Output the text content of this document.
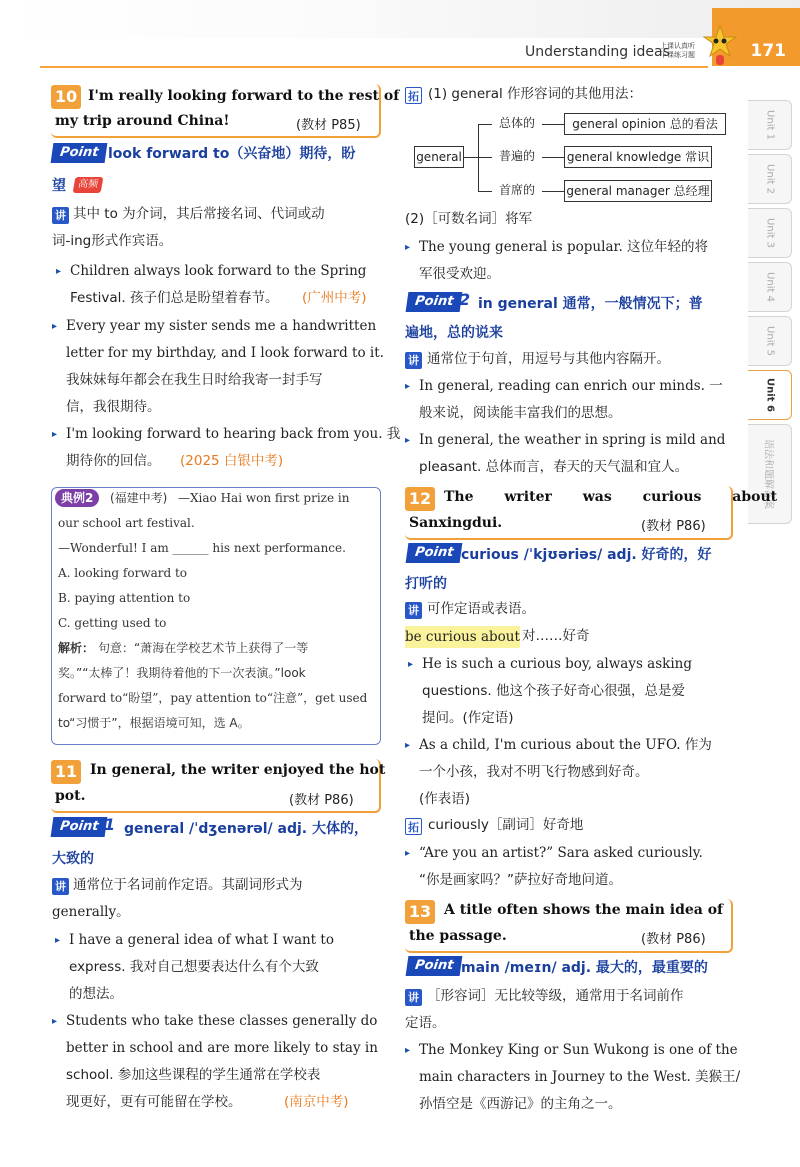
Understanding ideas
上课认真听 下课练习题	171
Unit 1
Unit 2
Unit 3
Unit 4
Unit 5
Unit 6
语法和题解答案
10 I'm really looking forward to the rest of
my trip around China!	(教材 P85)
Point look forward to（兴奋地）期待，盼
望	高频
讲 其中 to 为介词，其后常接名词、代词或动
词-ing形式作宾语。
▸ Children always look forward to the Spring
Festival. 孩子们总是盼望着春节。 (广州中考)
▸ Every year my sister sends me a handwritten
letter for my birthday, and I look forward to it.
我妹妹每年都会在我生日时给我寄一封手写
信，我很期待。
▸ I'm looking forward to hearing back from you. 我
期待你的回信。 (2025 白银中考)
典例2	(福建中考) —Xiao Hai won first prize in
our school art festival.
—Wonderful! I am ______ his next performance.
A. looking forward to
B. paying attention to
C. getting used to
解析： 句意：“萧海在学校艺术节上获得了一等
奖。”“太棒了！我期待着他的下一次表演。”look
forward to“盼望”，pay attention to“注意”，get used
to“习惯于”，根据语境可知，选 A。
11 In general, the writer enjoyed the hot
pot.	(教材 P86)
Point 1 general /ˈdʒenərəl/ adj. 大体的，
大致的
讲 通常位于名词前作定语。其副词形式为
generally。
▸ I have a general idea of what I want to
express. 我对自己想要表达什么有个大致
的想法。
▸ Students who take these classes generally do
better in school and are more likely to stay in
school. 参加这些课程的学生通常在学校表
现更好，更有可能留在学校。	(南京中考)
拓 (1) general 作形容词的其他用法：
general
总体的
普遍的
首席的
general opinion 总的看法
general knowledge 常识
general manager 总经理
(2)［可数名词］将军
▸ The young general is popular. 这位年轻的将
军很受欢迎。
Point 2 in general 通常，一般情况下；普
遍地，总的说来
讲 通常位于句首，用逗号与其他内容隔开。
▸ In general, reading can enrich our minds. 一
般来说，阅读能丰富我们的思想。
▸ In general, the weather in spring is mild and
pleasant. 总体而言，春天的天气温和宜人。
12 The writer was curious about
Sanxingdui.	(教材 P86)
Point curious /ˈkjʊəriəs/ adj. 好奇的，好
打听的
讲 可作定语或表语。
be curious about 对……好奇
▸ He is such a curious boy, always asking
questions. 他这个孩子好奇心很强，总是爱
提问。(作定语)
▸ As a child, I'm curious about the UFO. 作为
一个小孩，我对不明飞行物感到好奇。
(作表语)
拓 curiously［副词］好奇地
▸ “Are you an artist?” Sara asked curiously.
“你是画家吗？”萨拉好奇地问道。
13 A title often shows the main idea of
the passage.	(教材 P86)
Point main /meɪn/ adj. 最大的，最重要的
讲 ［形容词］无比较等级，通常用于名词前作
定语。
▸ The Monkey King or Sun Wukong is one of the
main characters in Journey to the West. 美猴王/
孙悟空是《西游记》的主角之一。
